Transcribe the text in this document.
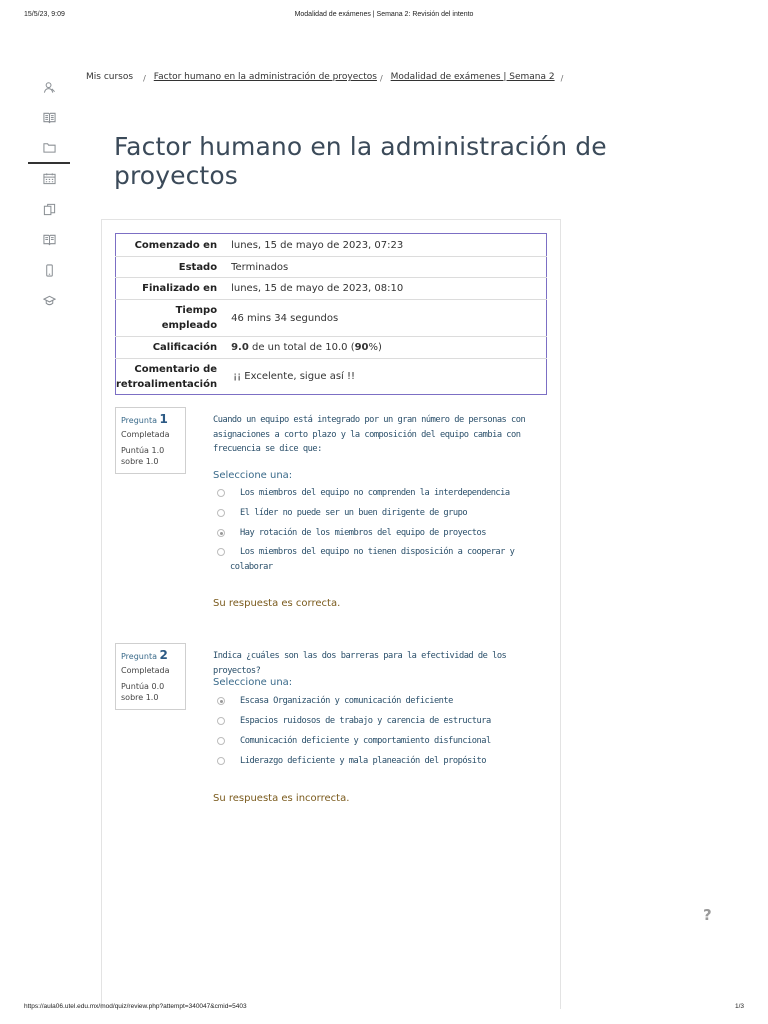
15/5/23, 9:09	Modalidad de exámenes | Semana 2: Revisión del intento
Mis cursos / Factor humano en la administración de proyectos / Modalidad de exámenes | Semana 2 /
Factor humano en la administración de proyectos
Comenzado en	lunes, 15 de mayo de 2023, 07:23
Estado	Terminados
Finalizado en	lunes, 15 de mayo de 2023, 08:10
Tiempo empleado	46 mins 34 segundos
Calificación	9.0 de un total de 10.0 (90%)
Comentario de retroalimentación	¡¡ Excelente, sigue así !!
Pregunta 1
Completada
Puntúa 1.0 sobre 1.0
Cuando un equipo está integrado por un gran número de personas con asignaciones a corto plazo y la composición del equipo cambia con frecuencia se dice que:
Seleccione una:
Los miembros del equipo no comprenden la interdependencia
El líder no puede ser un buen dirigente de grupo
Hay rotación de los miembros del equipo de proyectos
Los miembros del equipo no tienen disposición a cooperar y colaborar
Su respuesta es correcta.
Pregunta 2
Completada
Puntúa 0.0 sobre 1.0
Indica ¿cuáles son las dos barreras para la efectividad de los proyectos?
Seleccione una:
Escasa Organización y comunicación deficiente
Espacios ruidosos de trabajo y carencia de estructura
Comunicación deficiente y comportamiento disfuncional
Liderazgo deficiente y mala planeación del propósito
Su respuesta es incorrecta.
?
https://aula06.utel.edu.mx/mod/quiz/review.php?attempt=340047&cmid=5403	1/3
